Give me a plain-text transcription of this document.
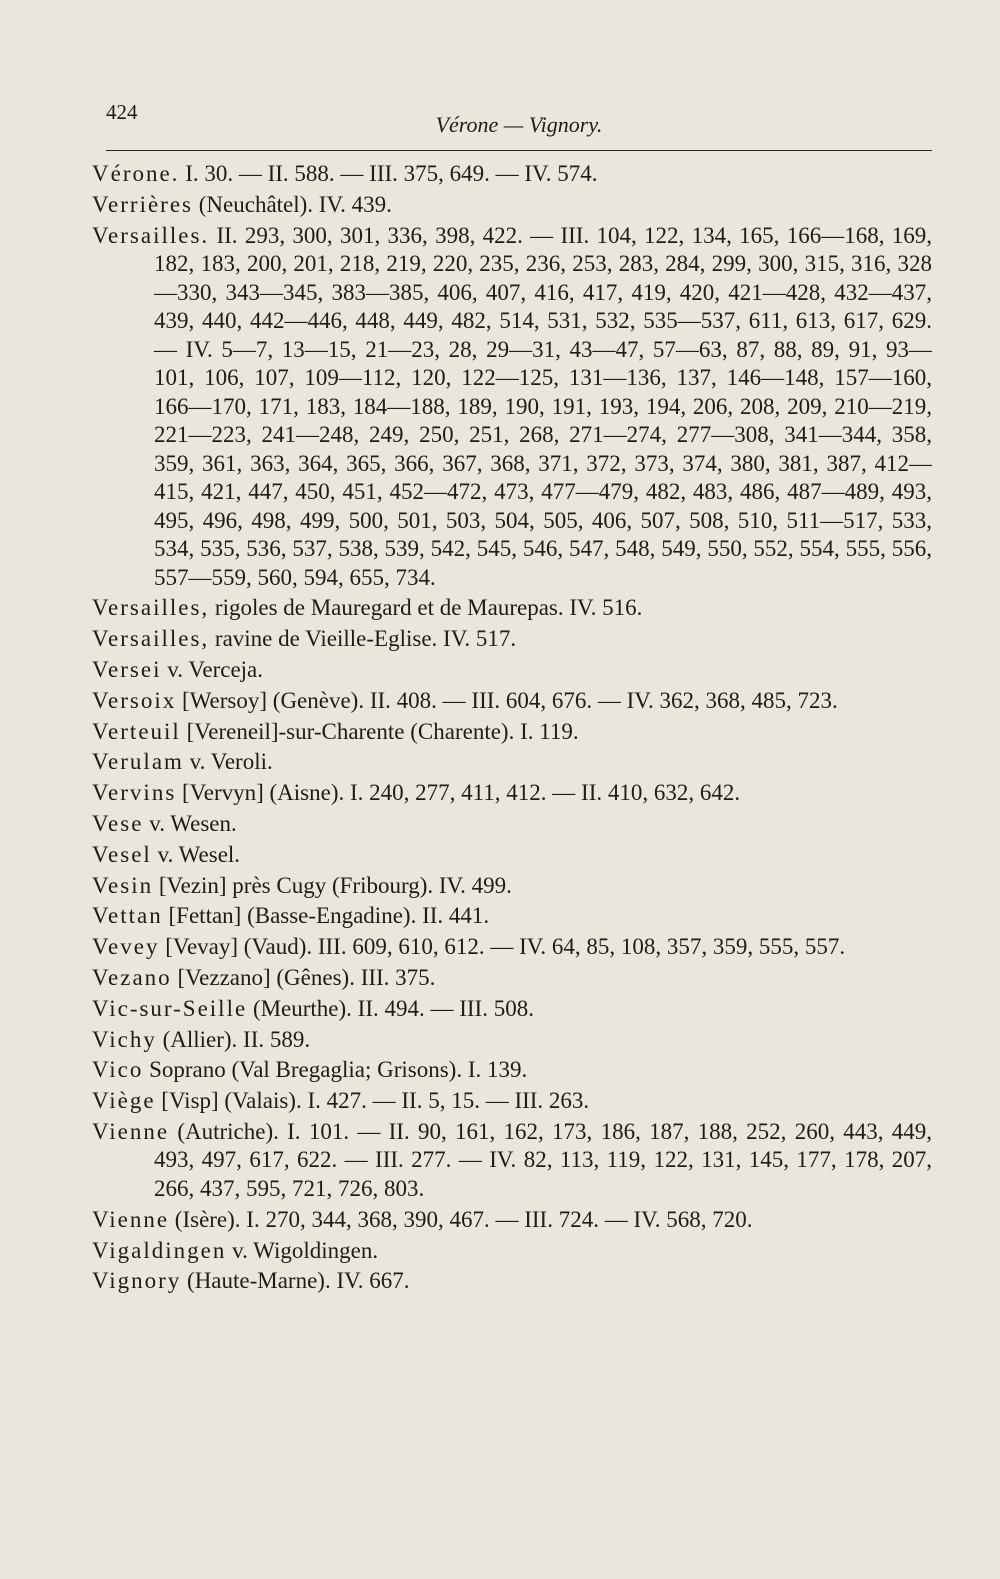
424	Vérone — Vignory.

Vérone. I. 30. — II. 588. — III. 375, 649. — IV. 574.

Verrières (Neuchâtel). IV. 439.

Versailles. II. 293, 300, 301, 336, 398, 422. — III. 104, 122, 134, 165, 166—168, 169, 182, 183, 200, 201, 218, 219, 220, 235, 236, 253, 283, 284, 299, 300, 315, 316, 328—330, 343—345, 383—385, 406, 407, 416, 417, 419, 420, 421—428, 432—437, 439, 440, 442—446, 448, 449, 482, 514, 531, 532, 535—537, 611, 613, 617, 629. — IV. 5—7, 13—15, 21—23, 28, 29—31, 43—47, 57—63, 87, 88, 89, 91, 93—101, 106, 107, 109—112, 120, 122—125, 131—136, 137, 146—148, 157—160, 166—170, 171, 183, 184—188, 189, 190, 191, 193, 194, 206, 208, 209, 210—219, 221—223, 241—248, 249, 250, 251, 268, 271—274, 277—308, 341—344, 358, 359, 361, 363, 364, 365, 366, 367, 368, 371, 372, 373, 374, 380, 381, 387, 412—415, 421, 447, 450, 451, 452—472, 473, 477—479, 482, 483, 486, 487—489, 493, 495, 496, 498, 499, 500, 501, 503, 504, 505, 406, 507, 508, 510, 511—517, 533, 534, 535, 536, 537, 538, 539, 542, 545, 546, 547, 548, 549, 550, 552, 554, 555, 556, 557—559, 560, 594, 655, 734.

Versailles, rigoles de Mauregard et de Maurepas. IV. 516.

Versailles, ravine de Vieille-Eglise. IV. 517.

Versei v. Verceja.

Versoix [Wersoy] (Genève). II. 408. — III. 604, 676. — IV. 362, 368, 485, 723.

Verteuil [Vereneil]-sur-Charente (Charente). I. 119.

Verulam v. Veroli.

Vervins [Vervyn] (Aisne). I. 240, 277, 411, 412. — II. 410, 632, 642.

Vese v. Wesen.

Vesel v. Wesel.

Vesin [Vezin] près Cugy (Fribourg). IV. 499.

Vettan [Fettan] (Basse-Engadine). II. 441.

Vevey [Vevay] (Vaud). III. 609, 610, 612. — IV. 64, 85, 108, 357, 359, 555, 557.

Vezano [Vezzano] (Gênes). III. 375.

Vic-sur-Seille (Meurthe). II. 494. — III. 508.

Vichy (Allier). II. 589.

Vico Soprano (Val Bregaglia; Grisons). I. 139.

Viège [Visp] (Valais). I. 427. — II. 5, 15. — III. 263.

Vienne (Autriche). I. 101. — II. 90, 161, 162, 173, 186, 187, 188, 252, 260, 443, 449, 493, 497, 617, 622. — III. 277. — IV. 82, 113, 119, 122, 131, 145, 177, 178, 207, 266, 437, 595, 721, 726, 803.

Vienne (Isère). I. 270, 344, 368, 390, 467. — III. 724. — IV. 568, 720.

Vigaldingen v. Wigoldingen.

Vignory (Haute-Marne). IV. 667.
